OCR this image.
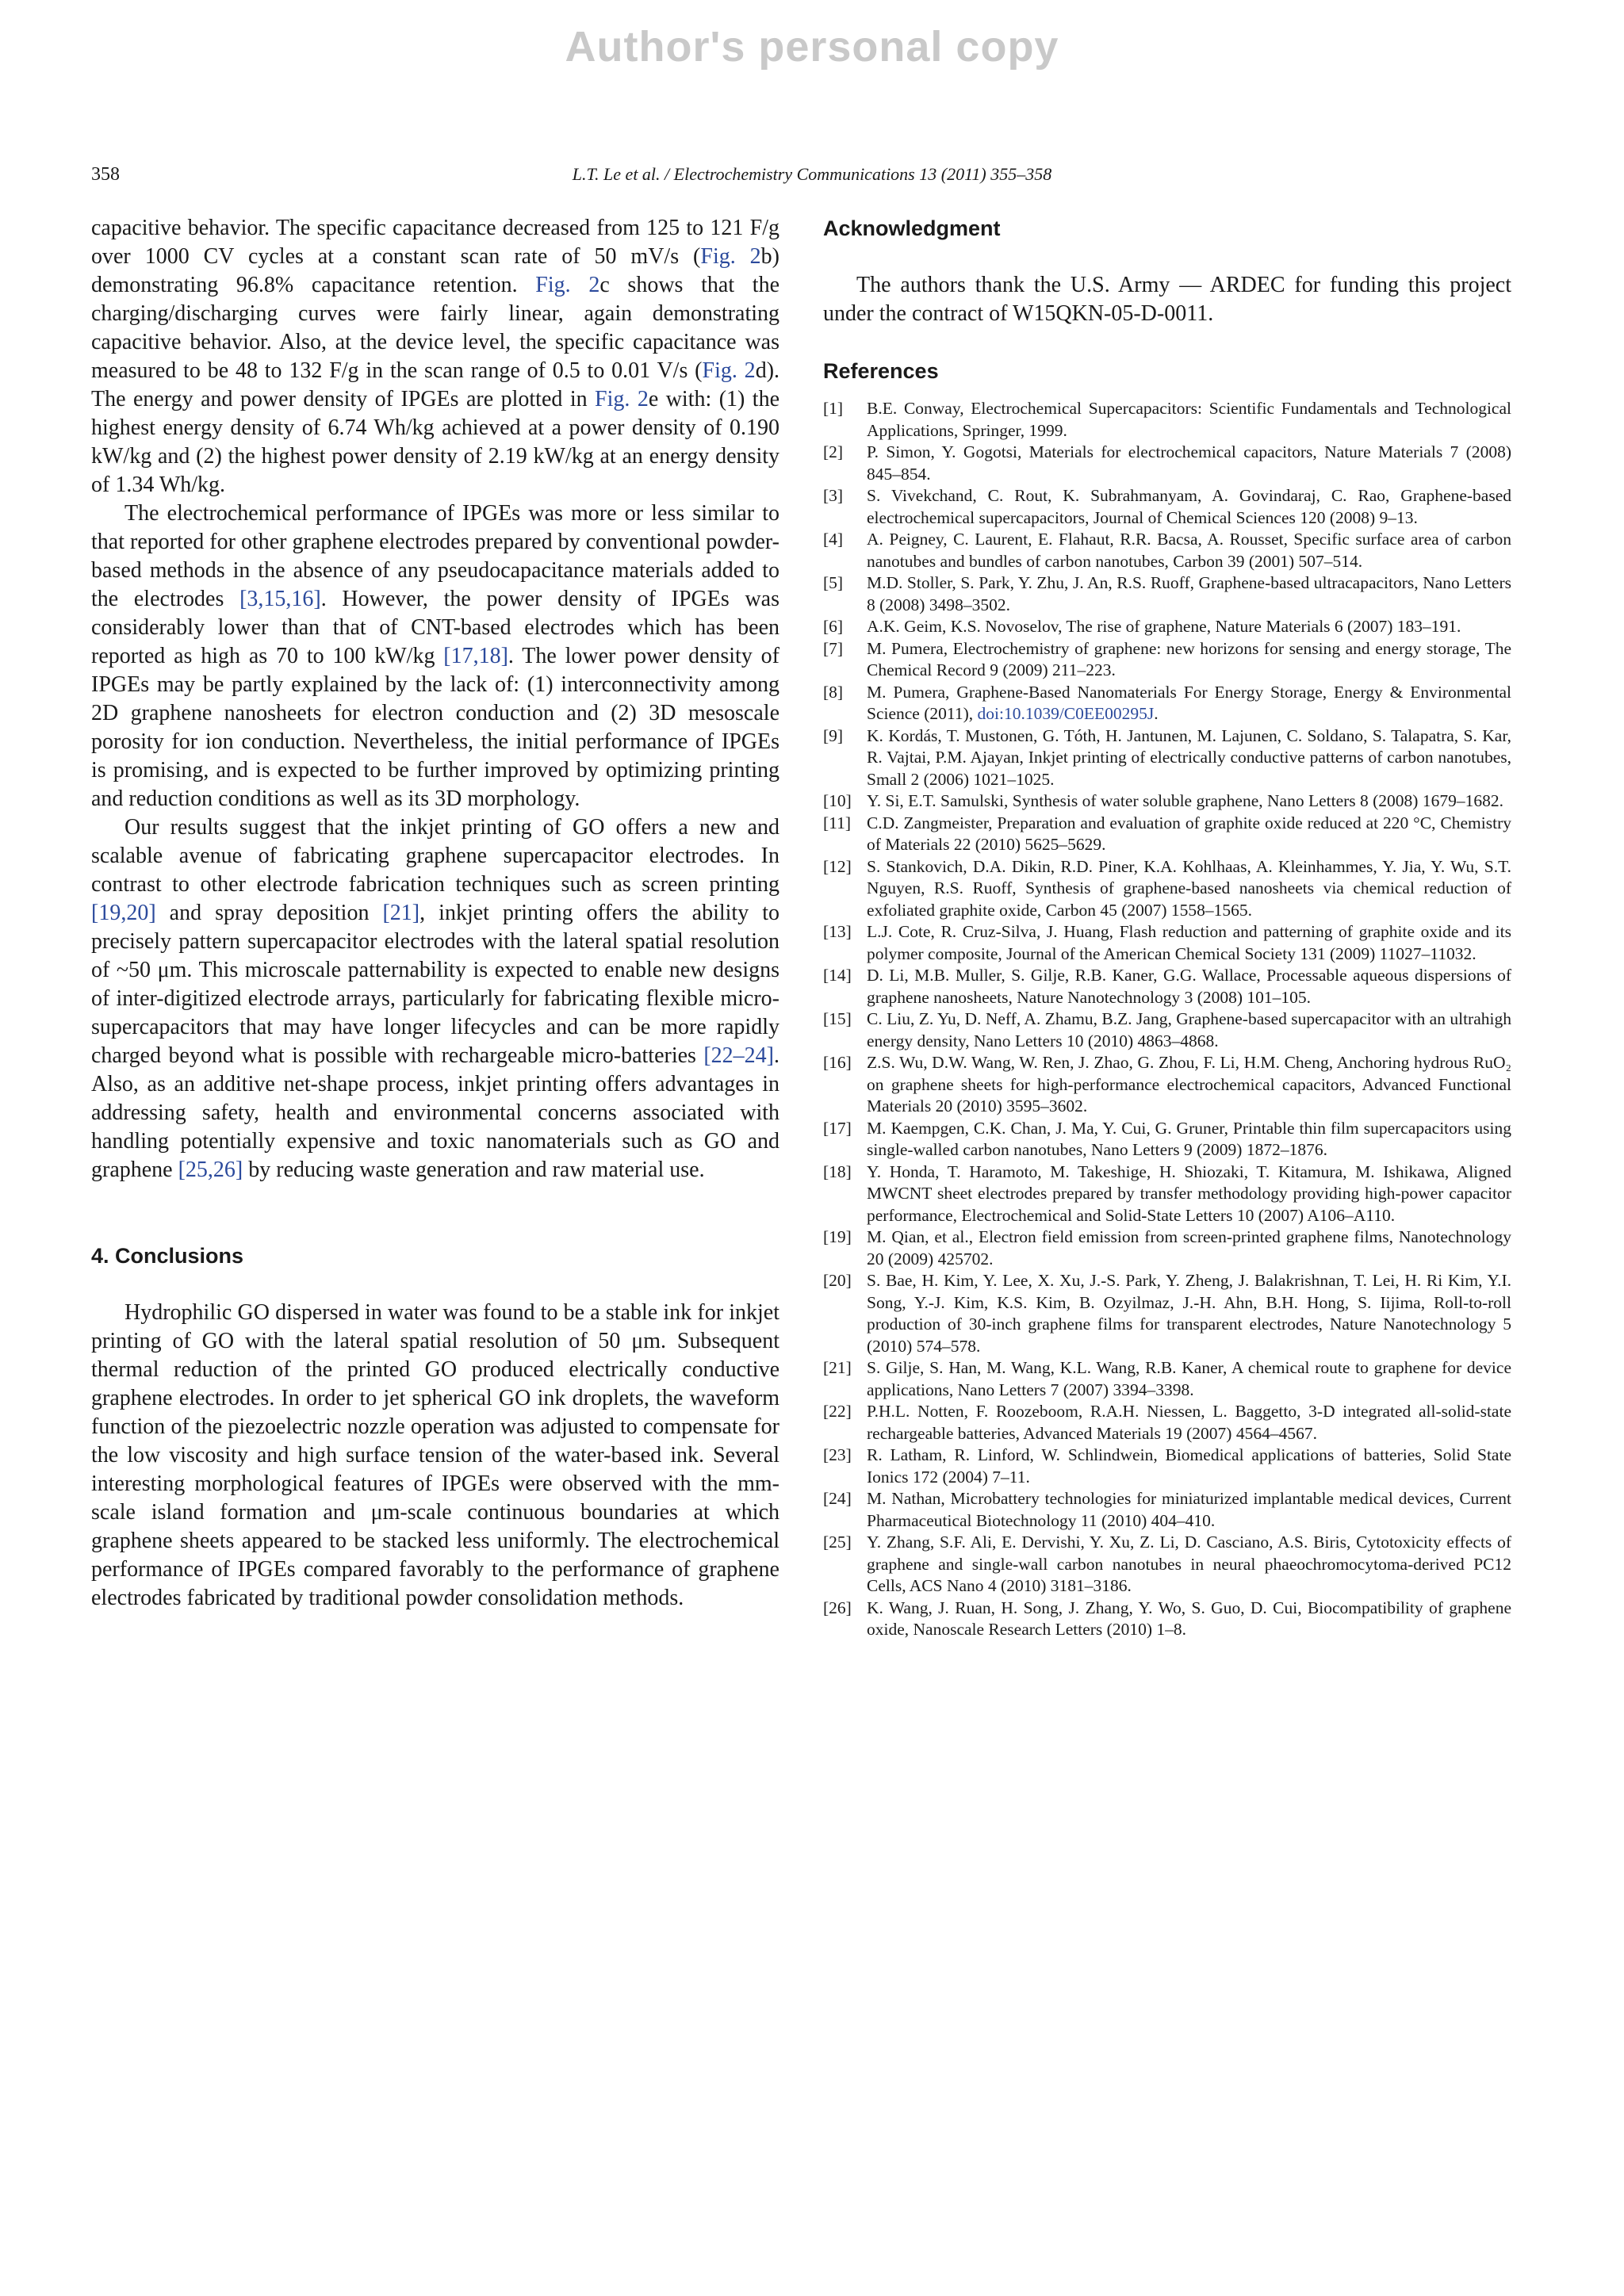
Author's personal copy
358	L.T. Le et al. / Electrochemistry Communications 13 (2011) 355–358

capacitive behavior. The specific capacitance decreased from 125 to 121 F/g over 1000 CV cycles at a constant scan rate of 50 mV/s (Fig. 2b) demonstrating 96.8% capacitance retention. Fig. 2c shows that the charging/discharging curves were fairly linear, again demonstrating capacitive behavior. Also, at the device level, the specific capacitance was measured to be 48 to 132 F/g in the scan range of 0.5 to 0.01 V/s (Fig. 2d). The energy and power density of IPGEs are plotted in Fig. 2e with: (1) the highest energy density of 6.74 Wh/kg achieved at a power density of 0.190 kW/kg and (2) the highest power density of 2.19 kW/kg at an energy density of 1.34 Wh/kg.

The electrochemical performance of IPGEs was more or less similar to that reported for other graphene electrodes prepared by conventional powder-based methods in the absence of any pseudocapacitance materials added to the electrodes [3,15,16]. However, the power density of IPGEs was considerably lower than that of CNT-based electrodes which has been reported as high as 70 to 100 kW/kg [17,18]. The lower power density of IPGEs may be partly explained by the lack of: (1) interconnectivity among 2D graphene nanosheets for electron conduction and (2) 3D mesoscale porosity for ion conduction. Nevertheless, the initial performance of IPGEs is promising, and is expected to be further improved by optimizing printing and reduction conditions as well as its 3D morphology.

Our results suggest that the inkjet printing of GO offers a new and scalable avenue of fabricating graphene supercapacitor electrodes. In contrast to other electrode fabrication techniques such as screen printing [19,20] and spray deposition [21], inkjet printing offers the ability to precisely pattern supercapacitor electrodes with the lateral spatial resolution of ~50 μm. This microscale patternability is expected to enable new designs of inter-digitized electrode arrays, particularly for fabricating flexible micro-supercapacitors that may have longer lifecycles and can be more rapidly charged beyond what is possible with rechargeable micro-batteries [22–24]. Also, as an additive net-shape process, inkjet printing offers advantages in addressing safety, health and environmental concerns associated with handling potentially expensive and toxic nanomaterials such as GO and graphene [25,26] by reducing waste generation and raw material use.

4. Conclusions

Hydrophilic GO dispersed in water was found to be a stable ink for inkjet printing of GO with the lateral spatial resolution of 50 μm. Subsequent thermal reduction of the printed GO produced electrically conductive graphene electrodes. In order to jet spherical GO ink droplets, the waveform function of the piezoelectric nozzle operation was adjusted to compensate for the low viscosity and high surface tension of the water-based ink. Several interesting morphological features of IPGEs were observed with the mm-scale island formation and μm-scale continuous boundaries at which graphene sheets appeared to be stacked less uniformly. The electrochemical performance of IPGEs compared favorably to the performance of graphene electrodes fabricated by traditional powder consolidation methods.

Acknowledgment

The authors thank the U.S. Army — ARDEC for funding this project under the contract of W15QKN-05-D-0011.

References
[1]	B.E. Conway, Electrochemical Supercapacitors: Scientific Fundamentals and Technological Applications, Springer, 1999.
[2]	P. Simon, Y. Gogotsi, Materials for electrochemical capacitors, Nature Materials 7 (2008) 845–854.
[3]	S. Vivekchand, C. Rout, K. Subrahmanyam, A. Govindaraj, C. Rao, Graphene-based electrochemical supercapacitors, Journal of Chemical Sciences 120 (2008) 9–13.
[4]	A. Peigney, C. Laurent, E. Flahaut, R.R. Bacsa, A. Rousset, Specific surface area of carbon nanotubes and bundles of carbon nanotubes, Carbon 39 (2001) 507–514.
[5]	M.D. Stoller, S. Park, Y. Zhu, J. An, R.S. Ruoff, Graphene-based ultracapacitors, Nano Letters 8 (2008) 3498–3502.
[6]	A.K. Geim, K.S. Novoselov, The rise of graphene, Nature Materials 6 (2007) 183–191.
[7]	M. Pumera, Electrochemistry of graphene: new horizons for sensing and energy storage, The Chemical Record 9 (2009) 211–223.
[8]	M. Pumera, Graphene-Based Nanomaterials For Energy Storage, Energy & Environmental Science (2011), doi:10.1039/C0EE00295J.
[9]	K. Kordás, T. Mustonen, G. Tóth, H. Jantunen, M. Lajunen, C. Soldano, S. Talapatra, S. Kar, R. Vajtai, P.M. Ajayan, Inkjet printing of electrically conductive patterns of carbon nanotubes, Small 2 (2006) 1021–1025.
[10] Y. Si, E.T. Samulski, Synthesis of water soluble graphene, Nano Letters 8 (2008) 1679–1682.
[11] C.D. Zangmeister, Preparation and evaluation of graphite oxide reduced at 220 °C, Chemistry of Materials 22 (2010) 5625–5629.
[12] S. Stankovich, D.A. Dikin, R.D. Piner, K.A. Kohlhaas, A. Kleinhammes, Y. Jia, Y. Wu, S.T. Nguyen, R.S. Ruoff, Synthesis of graphene-based nanosheets via chemical reduction of exfoliated graphite oxide, Carbon 45 (2007) 1558–1565.
[13] L.J. Cote, R. Cruz-Silva, J. Huang, Flash reduction and patterning of graphite oxide and its polymer composite, Journal of the American Chemical Society 131 (2009) 11027–11032.
[14] D. Li, M.B. Muller, S. Gilje, R.B. Kaner, G.G. Wallace, Processable aqueous dispersions of graphene nanosheets, Nature Nanotechnology 3 (2008) 101–105.
[15] C. Liu, Z. Yu, D. Neff, A. Zhamu, B.Z. Jang, Graphene-based supercapacitor with an ultrahigh energy density, Nano Letters 10 (2010) 4863–4868.
[16] Z.S. Wu, D.W. Wang, W. Ren, J. Zhao, G. Zhou, F. Li, H.M. Cheng, Anchoring hydrous RuO₂ on graphene sheets for high-performance electrochemical capacitors, Advanced Functional Materials 20 (2010) 3595–3602.
[17] M. Kaempgen, C.K. Chan, J. Ma, Y. Cui, G. Gruner, Printable thin film supercapacitors using single-walled carbon nanotubes, Nano Letters 9 (2009) 1872–1876.
[18] Y. Honda, T. Haramoto, M. Takeshige, H. Shiozaki, T. Kitamura, M. Ishikawa, Aligned MWCNT sheet electrodes prepared by transfer methodology providing high-power capacitor performance, Electrochemical and Solid-State Letters 10 (2007) A106–A110.
[19] M. Qian, et al., Electron field emission from screen-printed graphene films, Nanotechnology 20 (2009) 425702.
[20] S. Bae, H. Kim, Y. Lee, X. Xu, J.-S. Park, Y. Zheng, J. Balakrishnan, T. Lei, H. Ri Kim, Y.I. Song, Y.-J. Kim, K.S. Kim, B. Ozyilmaz, J.-H. Ahn, B.H. Hong, S. Iijima, Roll-to-roll production of 30-inch graphene films for transparent electrodes, Nature Nanotechnology 5 (2010) 574–578.
[21] S. Gilje, S. Han, M. Wang, K.L. Wang, R.B. Kaner, A chemical route to graphene for device applications, Nano Letters 7 (2007) 3394–3398.
[22] P.H.L. Notten, F. Roozeboom, R.A.H. Niessen, L. Baggetto, 3-D integrated all-solid-state rechargeable batteries, Advanced Materials 19 (2007) 4564–4567.
[23] R. Latham, R. Linford, W. Schlindwein, Biomedical applications of batteries, Solid State Ionics 172 (2004) 7–11.
[24] M. Nathan, Microbattery technologies for miniaturized implantable medical devices, Current Pharmaceutical Biotechnology 11 (2010) 404–410.
[25] Y. Zhang, S.F. Ali, E. Dervishi, Y. Xu, Z. Li, D. Casciano, A.S. Biris, Cytotoxicity effects of graphene and single-wall carbon nanotubes in neural phaeochromocytoma-derived PC12 Cells, ACS Nano 4 (2010) 3181–3186.
[26] K. Wang, J. Ruan, H. Song, J. Zhang, Y. Wo, S. Guo, D. Cui, Biocompatibility of graphene oxide, Nanoscale Research Letters (2010) 1–8.
